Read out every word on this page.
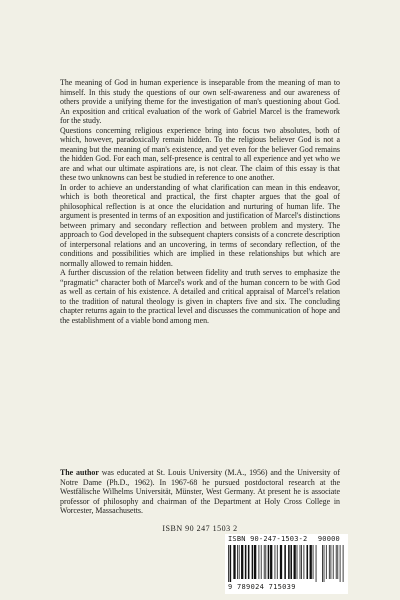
The meaning of God in human experience is inseparable from the meaning of man to himself. In this study the questions of our own self-awareness and our awareness of others provide a unifying theme for the investigation of man's questioning about God. An exposition and critical evaluation of the work of Gabriel Marcel is the framework for the study.

Questions concerning religious experience bring into focus two absolutes, both of which, however, paradoxically remain hidden. To the religious believer God is not a meaning but the meaning of man's existence, and yet even for the believer God remains the hidden God. For each man, self-presence is central to all experience and yet who we are and what our ultimate aspirations are, is not clear. The claim of this essay is that these two unknowns can best be studied in reference to one another.

In order to achieve an understanding of what clarification can mean in this endeavor, which is both theoretical and practical, the first chapter argues that the goal of philosophical reflection is at once the elucidation and nurturing of human life. The argument is presented in terms of an exposition and justification of Marcel's distinctions between primary and secondary reflection and between problem and mystery. The approach to God developed in the subsequent chapters consists of a concrete description of interpersonal relations and an uncovering, in terms of secondary reflection, of the conditions and possibilities which are implied in these relationships but which are normally allowed to remain hidden.

A further discussion of the relation between fidelity and truth serves to emphasize the “pragmatic” character both of Marcel's work and of the human concern to be with God as well as certain of his existence. A detailed and critical appraisal of Marcel's relation to the tradition of natural theology is given in chapters five and six. The concluding chapter returns again to the practical level and discusses the communication of hope and the establishment of a viable bond among men.

The author was educated at St. Louis University (M.A., 1956) and the University of Notre Dame (Ph.D., 1962). In 1967-68 he pursued postdoctoral research at the Westfälische Wilhelms Universität, Münster, West Germany. At present he is associate professor of philosophy and chairman of the Department at Holy Cross College in Worcester, Massachusetts.

ISBN 90 247 1503 2
ISBN 90-247-1503-2 90000
9 789024 715039
